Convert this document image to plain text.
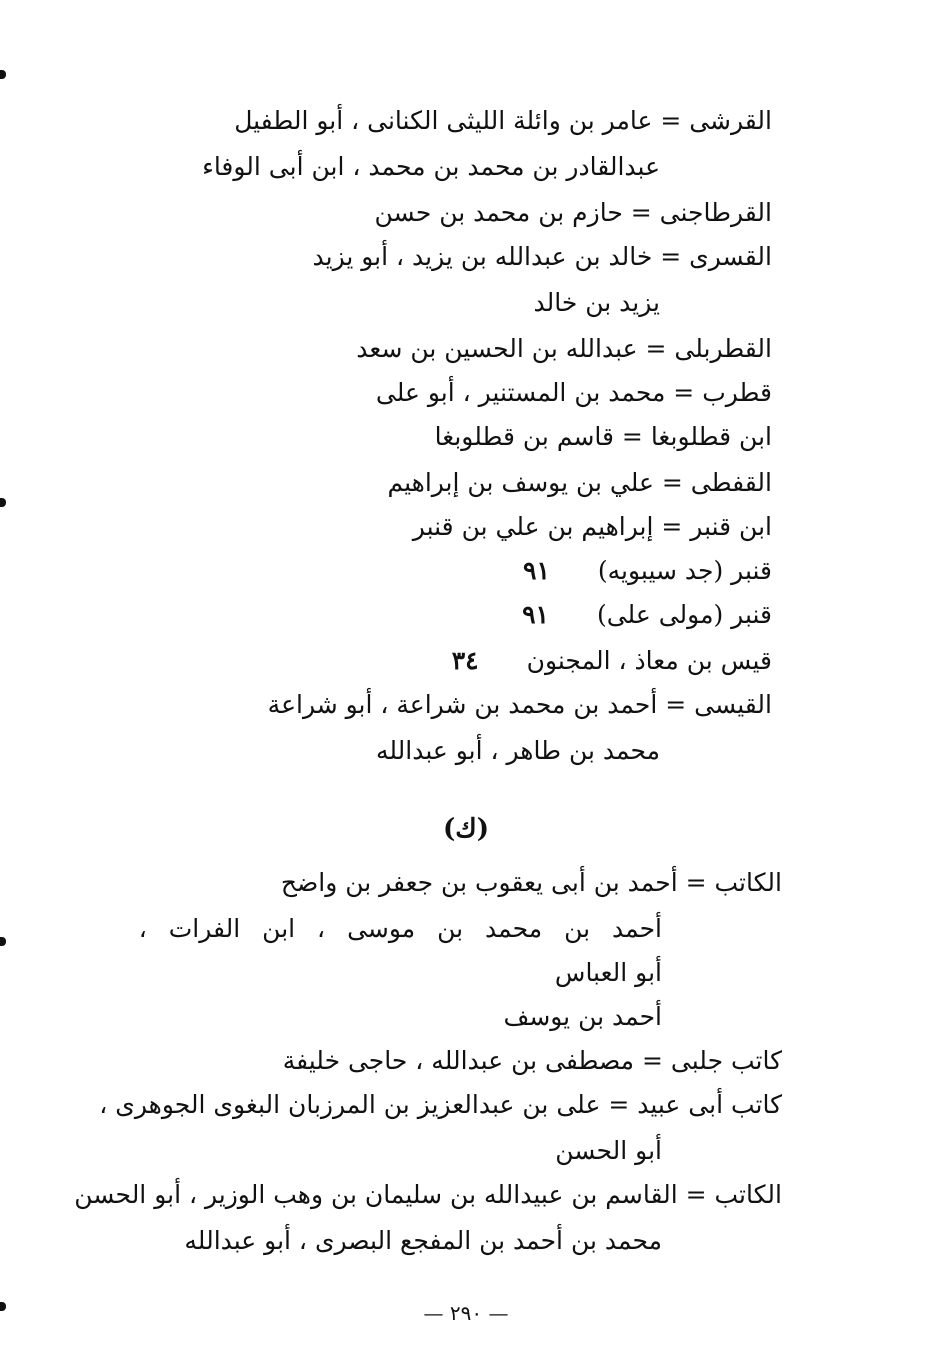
القرشى = عامر بن وائلة الليثى الكنانى ، أبو الطفيل
عبدالقادر بن محمد بن محمد ، ابن أبى الوفاء
القرطاجنى = حازم بن محمد بن حسن
القسرى = خالد بن عبدالله بن يزيد ، أبو يزيد
يزيد بن خالد
القطربلى = عبدالله بن الحسين بن سعد
قطرب = محمد بن المستنير ، أبو على
ابن قطلوبغا = قاسم بن قطلوبغا
القفطى = علي بن يوسف بن إبراهيم
ابن قنبر = إبراهيم بن علي بن قنبر
قنبر (جد سيبويه)٩١
قنبر (مولى على)٩١
قيس بن معاذ ، المجنون٣٤
القيسى = أحمد بن محمد بن شراعة ، أبو شراعة
محمد بن طاهر ، أبو عبدالله
(ك)
الكاتب = أحمد بن أبى يعقوب بن جعفر بن واضح
أحمد بن محمد بن موسى ، ابن الفرات ،
أبو العباس
أحمد بن يوسف
كاتب جلبى = مصطفى بن عبدالله ، حاجى خليفة
كاتب أبى عبيد = على بن عبدالعزيز بن المرزبان البغوى الجوهرى ،
أبو الحسن
الكاتب = القاسم بن عبيدالله بن سليمان بن وهب الوزير ، أبو الحسن
محمد بن أحمد بن المفجع البصرى ، أبو عبدالله
— ٢٩٠ —
